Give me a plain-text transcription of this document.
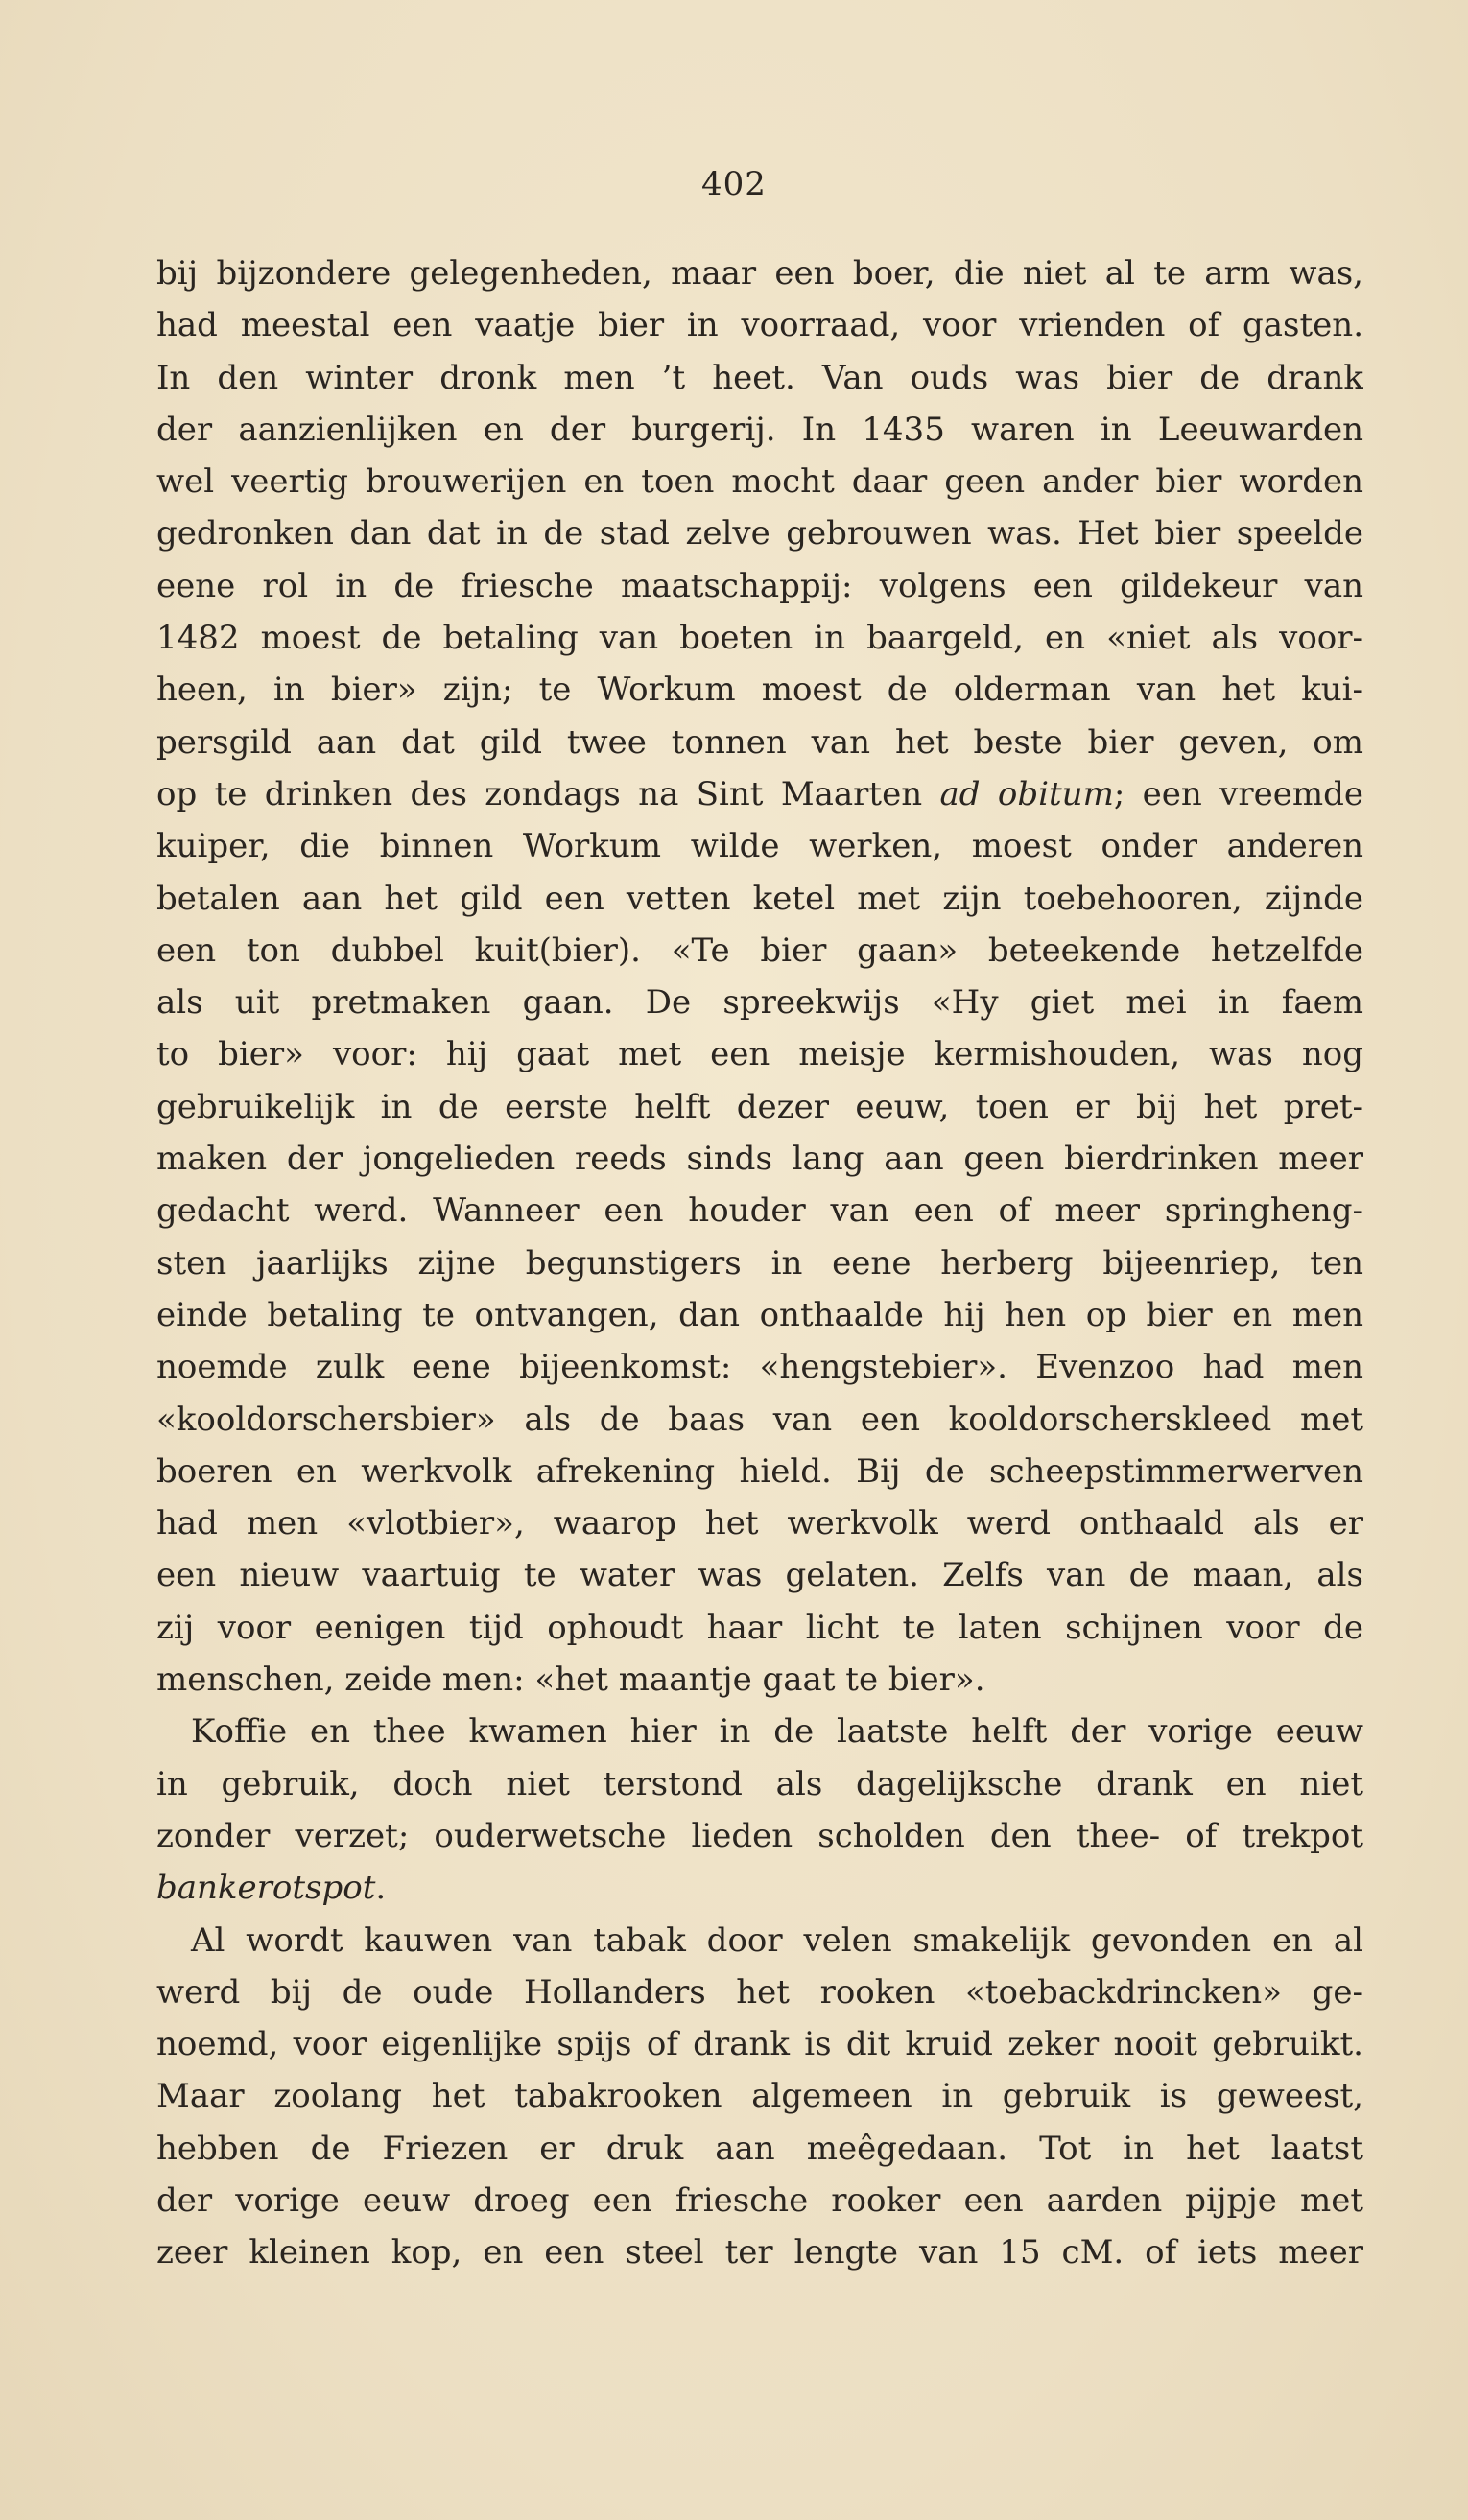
402
bij bijzondere gelegenheden, maar een boer, die niet al te arm was,
had meestal een vaatje bier in voorraad, voor vrienden of gasten.
In den winter dronk men ’t heet. Van ouds was bier de drank
der aanzienlijken en der burgerij. In 1435 waren in Leeuwarden
wel veertig brouwerijen en toen mocht daar geen ander bier worden
gedronken dan dat in de stad zelve gebrouwen was. Het bier speelde
eene rol in de friesche maatschappij: volgens een gildekeur van
1482 moest de betaling van boeten in baargeld, en «niet als voor-
heen, in bier» zijn; te Workum moest de olderman van het kui-
persgild aan dat gild twee tonnen van het beste bier geven, om
op te drinken des zondags na Sint Maarten ad obitum; een vreemde
kuiper, die binnen Workum wilde werken, moest onder anderen
betalen aan het gild een vetten ketel met zijn toebehooren, zijnde
een ton dubbel kuit(bier). «Te bier gaan» beteekende hetzelfde
als uit pretmaken gaan. De spreekwijs «Hy giet mei in faem
to bier» voor: hij gaat met een meisje kermishouden, was nog
gebruikelijk in de eerste helft dezer eeuw, toen er bij het pret-
maken der jongelieden reeds sinds lang aan geen bierdrinken meer
gedacht werd. Wanneer een houder van een of meer springheng-
sten jaarlijks zijne begunstigers in eene herberg bijeenriep, ten
einde betaling te ontvangen, dan onthaalde hij hen op bier en men
noemde zulk eene bijeenkomst: «hengstebier». Evenzoo had men
«kooldorschersbier» als de baas van een kooldorscherskleed met
boeren en werkvolk afrekening hield. Bij de scheepstimmerwerven
had men «vlotbier», waarop het werkvolk werd onthaald als er
een nieuw vaartuig te water was gelaten. Zelfs van de maan, als
zij voor eenigen tijd ophoudt haar licht te laten schijnen voor de
menschen, zeide men: «het maantje gaat te bier».
Koffie en thee kwamen hier in de laatste helft der vorige eeuw
in gebruik, doch niet terstond als dagelijksche drank en niet
zonder verzet; ouderwetsche lieden scholden den thee- of trekpot
bankerotspot.
Al wordt kauwen van tabak door velen smakelijk gevonden en al
werd bij de oude Hollanders het rooken «toebackdrincken» ge-
noemd, voor eigenlijke spijs of drank is dit kruid zeker nooit gebruikt.
Maar zoolang het tabakrooken algemeen in gebruik is geweest,
hebben de Friezen er druk aan meêgedaan. Tot in het laatst
der vorige eeuw droeg een friesche rooker een aarden pijpje met
zeer kleinen kop, en een steel ter lengte van 15 cM. of iets meer
